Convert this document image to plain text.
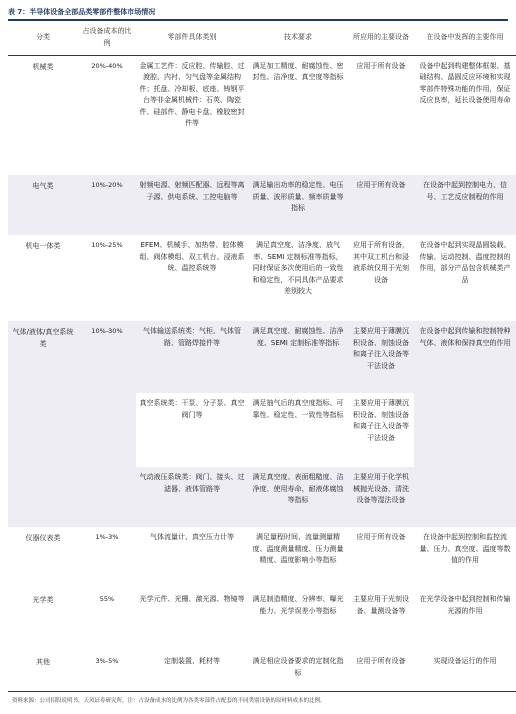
表 7：半导体设备全部品类零部件整体市场情况
分类	占设备成本的比例	零部件具体类别	技术要求	所应用的主要设备	在设备中发挥的主要作用
机械类	20%-40%	金属工艺件：反应腔、传输腔、过渡腔、内衬、匀气盘等金属结构件；托盘、冷却板、底座、铸钢平台等非金属机械件：石英、陶瓷件、硅部件、静电卡盘、橡胶密封件等	满足加工精度、耐腐蚀性、密封性、洁净度、真空度等指标	应用于所有设备	设备中起到构建整体框架、基础结构、晶圆反应环境和实现零部件特殊功能的作用，保证反应良率，延长设备使用寿命
电气类	10%-20%	射频电源、射频匹配器、远程等离子源、供电系统、工控电脑等	满足输出功率的稳定性、电压质量、波形质量、频率质量等指标	应用于所有设备	在设备中起到控制电力、信号、工艺反应制程的作用
机电一体类	10%-25%	EFEM、机械手、加热带、腔体模组、阀体模组、双工机台、浸液系统、温控系统等	满足真空度、洁净度、放气率、SEMI 定制标准等指标，同时保证多次使用后的一致性和稳定性，不同具体产品要求差别较大	应用于所有设备，其中双工机台和浸液系统仅用于光刻设备	在设备中起到实现晶圆装载、传输、运动控制、温度控制的作用，部分产品包含机械类产品
气体/液体/真空系统类	10%-30%	气体输送系统类：气柜、气体管路、管路焊接件等	满足真空度、耐腐蚀性、洁净度、SEMI 定制标准等指标	主要应用于薄膜沉积设备、刻蚀设备和离子注入设备等干法设备	在设备中起到传输和控制特种气体、液体和保持真空的作用
		真空系统类：干泵、分子泵、真空阀门等	满足抽气后的真空度指标、可靠性、稳定性、一致性等指标	主要应用于薄膜沉积设备、刻蚀设备和离子注入设备等干法设备	
		气动液压系统类：阀门、接头、过滤器、液体管路等	满足真空度、表面粗糙度、洁净度、使用寿命、耐液体腐蚀等指标	主要应用于化学机械抛光设备、清洗设备等湿法设备	
仪器仪表类	1%-3%	气体流量计、真空压力计等	满足量程时间、流量测量精度、温度测量精度、压力测量精度、温度影响小等指标	应用于所有设备	在设备中起到控制和监控流量、压力、真空度、温度等数值的作用
光学类	55%	光学元件、光栅、激光源、物镜等	满足制造精度、分辨率、曝光能力、光学误差小等指标	主要应用于光刻设备、量测设备等	在光学设备中起到控制和传输光源的作用
其他	3%-5%	定制装置、耗材等	满足相应设备要求的定制化指标	应用于所有设备	实现设备运行的作用
资料来源：公司招股说明书，天风证券研究所，注：占设备成本的比例为各类零部件占配套的不同类别设备的原材料成本的比例。
